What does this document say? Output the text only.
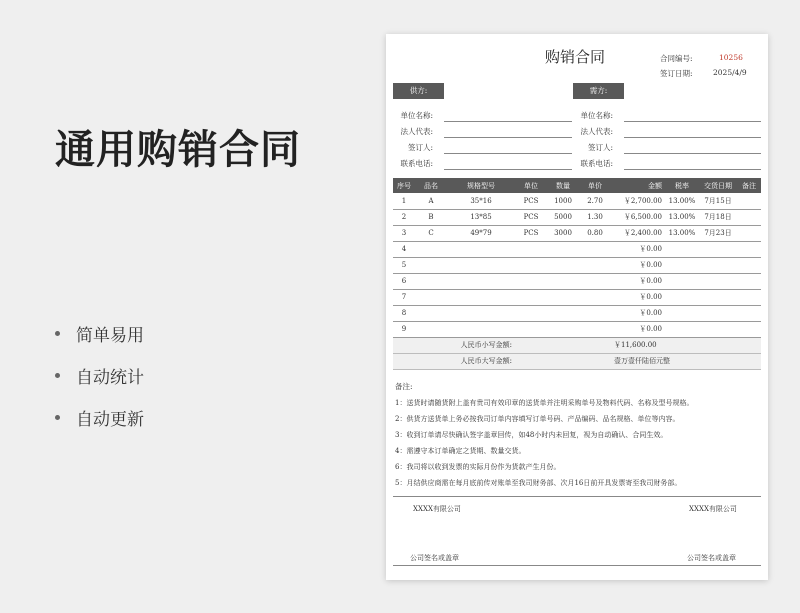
通用购销合同
简单易用
自动统计
自动更新
购销合同	合同编号:	10256
签订日期:	2025/4/9
供方:	需方:
单位名称:
法人代表:
签订人:
联系电话:
单位名称:
法人代表:
签订人:
联系电话:
序号	品名	规格型号	单位	数量	单价	金额	税率	交货日期	备注
1	A	35*16	PCS	1000	2.70	￥2,700.00	13.00%	7月15日	
2	B	13*85	PCS	5000	1.30	￥6,500.00	13.00%	7月18日	
3	C	49*79	PCS	3000	0.80	￥2,400.00	13.00%	7月23日	
4						￥0.00			
5						￥0.00			
6						￥0.00			
7						￥0.00			
8						￥0.00			
9						￥0.00			
人民币小写金额:						￥11,600.00			
人民币大写金额:						壹万壹仟陆佰元整			
备注:
1：送货时请随货附上盖有贵司有效印章的送货单并注明采购单号及物料代码、名称及型号规格。
2：供货方送货单上务必按我司订单内容填写订单号码、产品编码、品名规格、单位等内容。
3：收到订单请尽快确认签字盖章回传，如48小时内未回复，视为自动确认、合同生效。
4：需遵守本订单确定之货期、数量交货。
6：我司将以收到发票的实际月份作为货款产生月份。
5：月结供应商需在每月底前传对账单至我司财务部、次月16日前开具发票寄至我司财务部。
XXXX有限公司	XXXX有限公司
公司签名或盖章	公司签名或盖章
